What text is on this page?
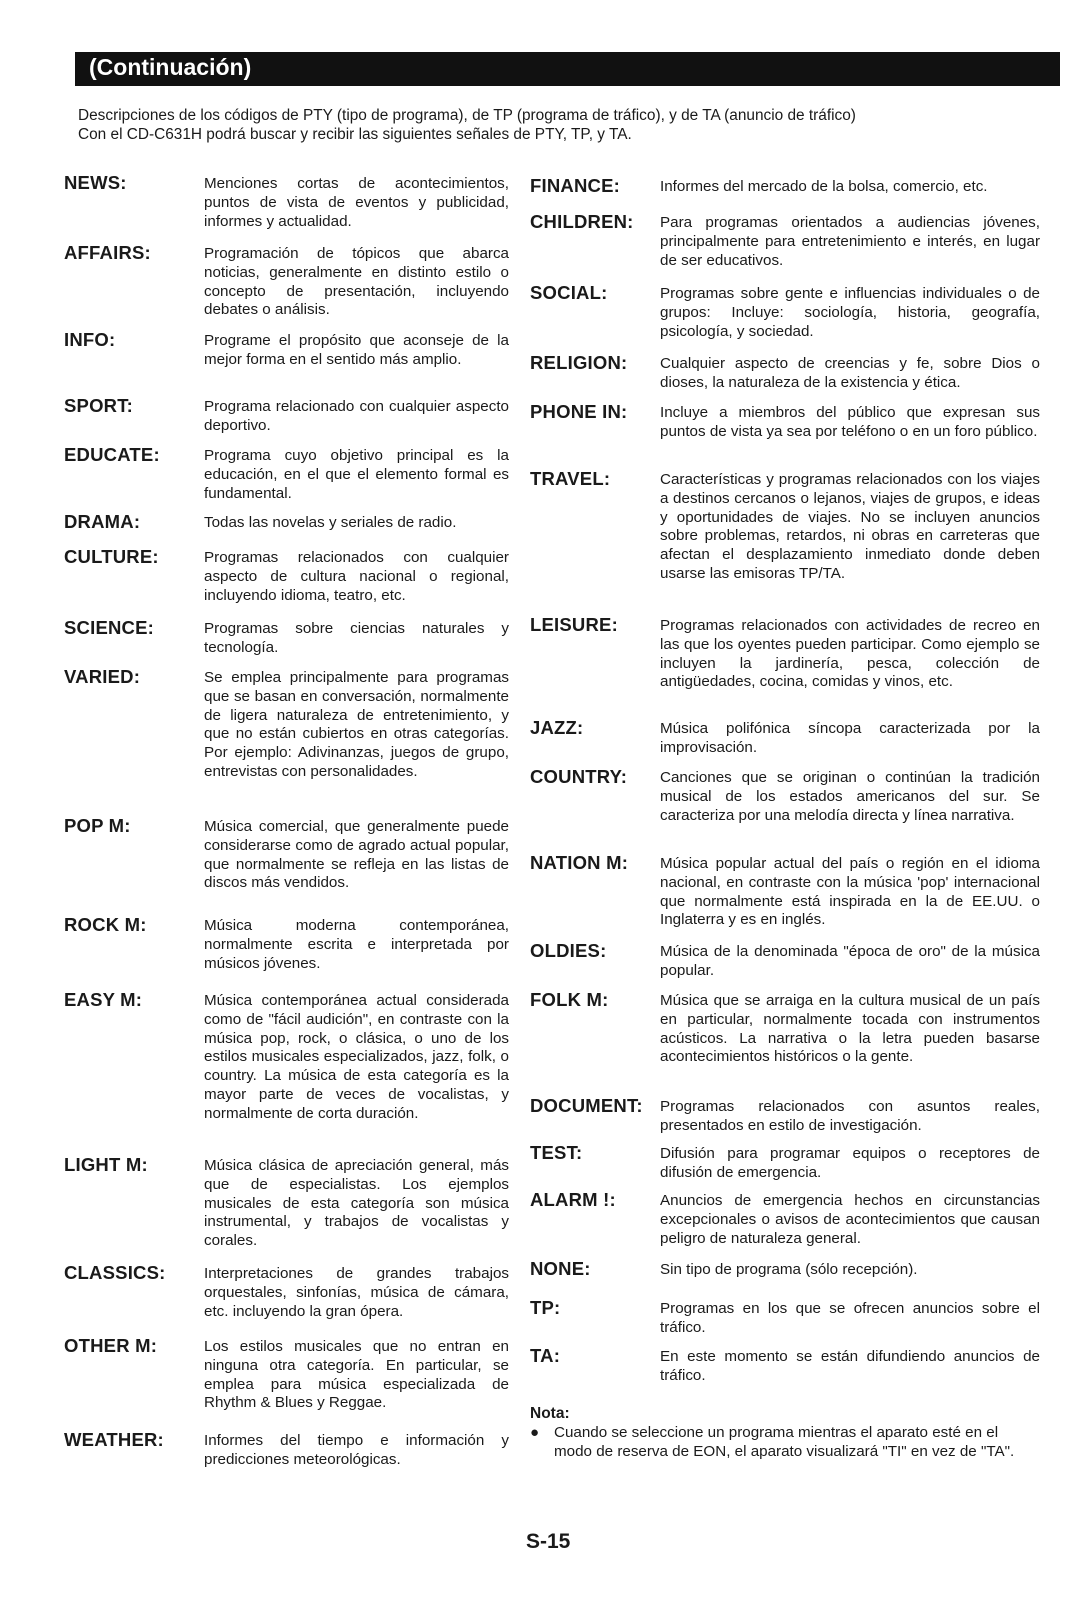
(Continuación)
Descripciones de los códigos de PTY (tipo de programa), de TP (programa de tráfico), y de TA (anuncio de tráfico)
Con el CD-C631H podrá buscar y recibir las siguientes señales de PTY, TP, y TA.
NEWS:	Menciones cortas de acontecimientos, puntos de vista de eventos y publicidad, informes y actualidad.
AFFAIRS:	Programación de tópicos que abarca noticias, generalmente en distinto estilo o concepto de presentación, incluyendo debates o análisis.
INFO:	Programe el propósito que aconseje de la mejor forma en el sentido más amplio.
SPORT:	Programa relacionado con cualquier aspecto deportivo.
EDUCATE:	Programa cuyo objetivo principal es la educación, en el que el elemento formal es fundamental.
DRAMA:	Todas las novelas y seriales de radio.
CULTURE:	Programas relacionados con cualquier aspecto de cultura nacional o regional, incluyendo idioma, teatro, etc.
SCIENCE:	Programas sobre ciencias naturales y tecnología.
VARIED:	Se emplea principalmente para programas que se basan en conversación, normalmente de ligera naturaleza de entretenimiento, y que no están cubiertos en otras categorías. Por ejemplo: Adivinanzas, juegos de grupo, entrevistas con personalidades.
POP M:	Música comercial, que generalmente puede considerarse como de agrado actual popular, que normalmente se refleja en las listas de discos más vendidos.
ROCK M:	Música moderna contemporánea, normalmente escrita e interpretada por músicos jóvenes.
EASY M:	Música contemporánea actual considerada como de "fácil audición", en contraste con la música pop, rock, o clásica, o uno de los estilos musicales especializados, jazz, folk, o country. La música de esta categoría es la mayor parte de veces de vocalistas, y normalmente de corta duración.
LIGHT M:	Música clásica de apreciación general, más que de especialistas. Los ejemplos musicales de esta categoría son música instrumental, y trabajos de vocalistas y corales.
CLASSICS:	Interpretaciones de grandes trabajos orquestales, sinfonías, música de cámara, etc. incluyendo la gran ópera.
OTHER M:	Los estilos musicales que no entran en ninguna otra categoría. En particular, se emplea para música especializada de Rhythm & Blues y Reggae.
WEATHER:	Informes del tiempo e información y predicciones meteorológicas.
FINANCE:	Informes del mercado de la bolsa, comercio, etc.
CHILDREN:	Para programas orientados a audiencias jóvenes, principalmente para entretenimiento e interés, en lugar de ser educativos.
SOCIAL:	Programas sobre gente e influencias individuales o de grupos: Incluye: sociología, historia, geografía, psicología, y sociedad.
RELIGION:	Cualquier aspecto de creencias y fe, sobre Dios o dioses, la naturaleza de la existencia y ética.
PHONE IN:	Incluye a miembros del público que expresan sus puntos de vista ya sea por teléfono o en un foro público.
TRAVEL:	Características y programas relacionados con los viajes a destinos cercanos o lejanos, viajes de grupos, e ideas y oportunidades de viajes. No se incluyen anuncios sobre problemas, retardos, ni obras en carreteras que afectan el desplazamiento inmediato donde deben usarse las emisoras TP/TA.
LEISURE:	Programas relacionados con actividades de recreo en las que los oyentes pueden participar. Como ejemplo se incluyen la jardinería, pesca, colección de antigüedades, cocina, comidas y vinos, etc.
JAZZ:	Música polifónica síncopa caracterizada por la improvisación.
COUNTRY:	Canciones que se originan o continúan la tradición musical de los estados americanos del sur. Se caracteriza por una melodía directa y línea narrativa.
NATION M:	Música popular actual del país o región en el idioma nacional, en contraste con la música 'pop' internacional que normalmente está inspirada en la de EE.UU. o Inglaterra y es en inglés.
OLDIES:	Música de la denominada "época de oro" de la música popular.
FOLK M:	Música que se arraiga en la cultura musical de un país en particular, normalmente tocada con instrumentos acústicos. La narrativa o la letra pueden basarse acontecimientos históricos o la gente.
DOCUMENT:	Programas relacionados con asuntos reales, presentados en estilo de investigación.
TEST:	Difusión para programar equipos o receptores de difusión de emergencia.
ALARM !:	Anuncios de emergencia hechos en circunstancias excepcionales o avisos de acontecimientos que causan peligro de naturaleza general.
NONE:	Sin tipo de programa (sólo recepción).
TP:	Programas en los que se ofrecen anuncios sobre el tráfico.
TA:	En este momento se están difundiendo anuncios de tráfico.
Nota:
● Cuando se seleccione un programa mientras el aparato esté en el modo de reserva de EON, el aparato visualizará "TI" en vez de "TA".
S-15
